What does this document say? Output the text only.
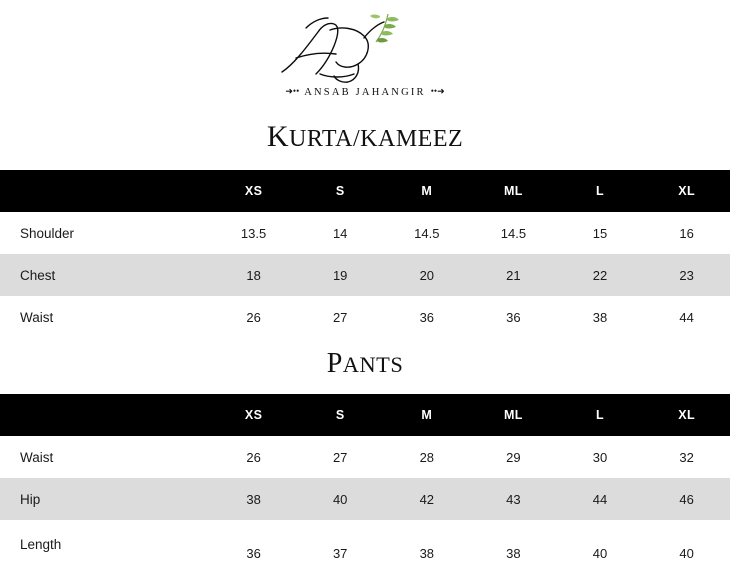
➜•• ANSAB JAHANGIR ••➜
KURTA/KAMEEZ
	XS	S	M	ML	L	XL
Shoulder	13.5	14	14.5	14.5	15	16
Chest	18	19	20	21	22	23
Waist	26	27	36	36	38	44
PANTS
	XS	S	M	ML	L	XL
Waist	26	27	28	29	30	32
Hip	38	40	42	43	44	46
Length	36	37	38	38	40	40
